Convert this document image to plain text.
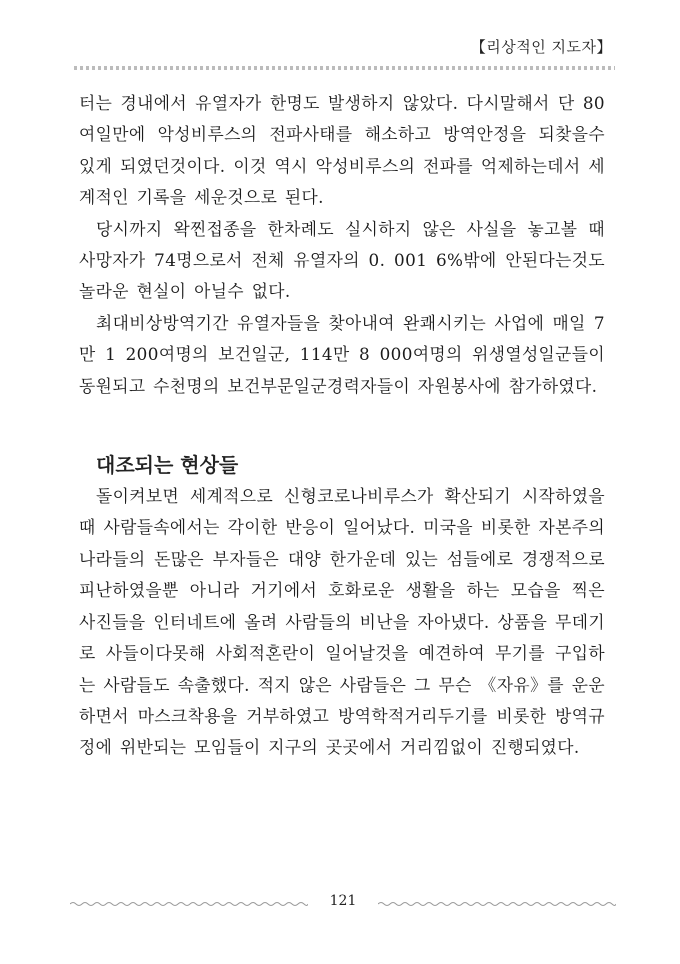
【리상적인 지도자】

터는 경내에서 유열자가 한명도 발생하지 않았다. 다시말해서 단 80여일만에 악성비루스의 전파사태를 해소하고 방역안정을 되찾을수 있게 되였던것이다. 이것 역시 악성비루스의 전파를 억제하는데서 세계적인 기록을 세운것으로 된다.

당시까지 왁찐접종을 한차례도 실시하지 않은 사실을 놓고볼 때 사망자가 74명으로서 전체 유열자의 0. 001 6%밖에 안된다는것도 놀라운 현실이 아닐수 없다.

최대비상방역기간 유열자들을 찾아내여 완쾌시키는 사업에 매일 7만 1 200여명의 보건일군, 114만 8 000여명의 위생열성일군들이 동원되고 수천명의 보건부문일군경력자들이 자원봉사에 참가하였다.

대조되는 현상들

돌이켜보면 세계적으로 신형코로나비루스가 확산되기 시작하였을 때 사람들속에서는 각이한 반응이 일어났다. 미국을 비롯한 자본주의나라들의 돈많은 부자들은 대양 한가운데 있는 섬들에로 경쟁적으로 피난하였을뿐 아니라 거기에서 호화로운 생활을 하는 모습을 찍은 사진들을 인터네트에 올려 사람들의 비난을 자아냈다. 상품을 무데기로 사들이다못해 사회적혼란이 일어날것을 예견하여 무기를 구입하는 사람들도 속출했다. 적지 않은 사람들은 그 무슨 《자유》를 운운하면서 마스크착용을 거부하였고 방역학적거리두기를 비롯한 방역규정에 위반되는 모임들이 지구의 곳곳에서 거리낌없이 진행되였다.

121
